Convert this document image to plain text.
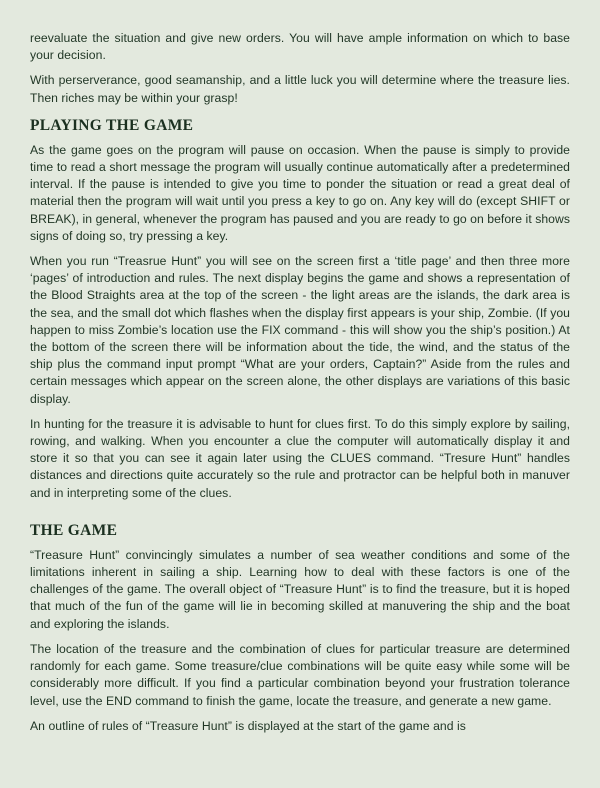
reevaluate the situation and give new orders. You will have ample information on which to base your decision.

With perserverance, good seamanship, and a little luck you will determine where the treasure lies. Then riches may be within your grasp!

PLAYING THE GAME

As the game goes on the program will pause on occasion. When the pause is simply to provide time to read a short message the program will usually continue automatically after a predetermined interval. If the pause is intended to give you time to ponder the situation or read a great deal of material then the program will wait until you press a key to go on. Any key will do (except SHIFT or BREAK), in general, whenever the program has paused and you are ready to go on before it shows signs of doing so, try pressing a key.

When you run “Treasrue Hunt” you will see on the screen first a ‘title page’ and then three more ‘pages’ of introduction and rules. The next display begins the game and shows a representation of the Blood Straights area at the top of the screen - the light areas are the islands, the dark area is the sea, and the small dot which flashes when the display first appears is your ship, Zombie. (If you happen to miss Zombie’s location use the FIX command - this will show you the ship’s position.) At the bottom of the screen there will be information about the tide, the wind, and the status of the ship plus the command input prompt “What are your orders, Captain?” Aside from the rules and certain messages which appear on the screen alone, the other displays are variations of this basic display.

In hunting for the treasure it is advisable to hunt for clues first. To do this simply explore by sailing, rowing, and walking. When you encounter a clue the computer will automatically display it and store it so that you can see it again later using the CLUES command. “Tresure Hunt” handles distances and directions quite accurately so the rule and protractor can be helpful both in manuver and in interpreting some of the clues.

THE GAME

“Treasure Hunt” convincingly simulates a number of sea weather conditions and some of the limitations inherent in sailing a ship. Learning how to deal with these factors is one of the challenges of the game. The overall object of “Treasure Hunt” is to find the treasure, but it is hoped that much of the fun of the game will lie in becoming skilled at manuvering the ship and the boat and exploring the islands.

The location of the treasure and the combination of clues for particular treasure are determined randomly for each game. Some treasure/clue combinations will be quite easy while some will be considerably more difficult. If you find a particular combination beyond your frustration tolerance level, use the END command to finish the game, locate the treasure, and generate a new game.

An outline of rules of “Treasure Hunt” is displayed at the start of the game and is
